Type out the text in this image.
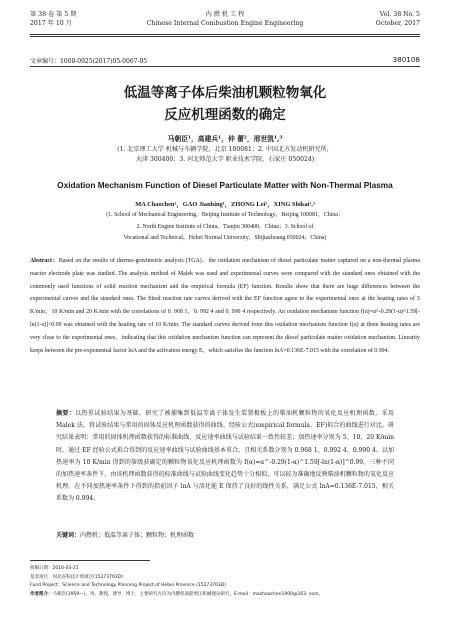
第 38 卷 第 5 期
2017 年 10 月
内 燃 机 工 程
Chinese Internal Combustion Engine Engineering
Vol. 38 No. 5
October, 2017
文章编号：1000-0925(2017)05-0067-05	380108
低温等离子体后柴油机颗粒物氧化
反应机理函数的确定
马朝臣¹，高建兵¹，仲 蕾²，邢世凯¹,³
(1. 北京理工大学 机械与车辆学院，北京 100081；2. 中国北方发动机研究所，
天津 300400；3. 河北师范大学 职业技术学院，石家庄 050024)
Oxidation Mechanism Function of Diesel Particulate Matter with Non-Thermal Plasma
MA Chaochen¹，GAO Jianbing¹，ZHONG Lei²，XING Shikai¹,³
(1. School of Mechanical Engineering，Beijing Institute of Technology，Beijing 100081，China；
2. North Engine Institute of China，Tianjin 300400，China；3. School of
Vocational and Technical，Hebei Normal University，Shijiazhuang 050024，China)
Abstract：Based on the results of thermo-gravimetric analysis (TGA)，the oxidation mechanism of diesel particulate matter captured on a non-thermal plasma reactor electrode plate was studied. The analysis method of Malek was used and experimental curves were compared with the standard ones obtained with the commonly used functions of solid reaction mechanism and the empirical formula (EF) function. Results show that there are huge differences between the experimental curves and the standard ones. The fitted reaction rate curves derived with the EF function agree to the experimental ones at the heating rates of 5 K/min，10 K/min and 20 K/min with the correlations of 0. 968 1，0. 992 4 and 0. 990 4 respectively. An oxidation mechanism function f(α)=α^-0.29(1-α)^1.59[-ln(1-α)]^0.99 was obtained with the heating rate of 10 K/min. The standard curves derived from this oxidation mechanism function f(α) at three heating rates are very close to the experimental ones，indicating that this oxidation mechanism function can represent the diesel particulate matter oxidation mechanism. Linearity keeps between the pre-exponential factor lnA and the activation energy E，which satisfies the function lnA=0.136E-7.015 with the correlation of 0.994.
摘要：以热重试验结果为基础，研究了被捕集到低温等离子体发生装置极板上的柴油机颗粒物的氧化反应机理函数。采用 Malek 法，将试验结果与常用的固体反应机理函数获得的曲线、经验公式(empirical formula，EF)拟合的曲线进行对比。研究结果表明：常用的固体机理函数获得的标准曲线，反应速率曲线与试验结果一致性较差；加热速率分别为 5、10、20 K/min时，通过 EF 经验公式拟合得到的反应速率曲线与试验曲线基本重合，且相关系数分别为 0.968 1、0.992 4、0.990 4。以加热速率为 10 K/min 得到的筝级获确定的颗粒物氧化反应机理函数为 f(α)=α^-0.29(1-α)^1.59[-ln(1-α)]^0.99。三种不同的加热速率条件下，由该机理函数获得的标准曲线与试验曲线变化趋势十分相似，可以较为准确地反映柴油机颗粒物的氧化反应机理。在不同加热速率条件下得到的指前因子 lnA 与活化能 E 保持了良好的线性关系，满足公式 lnA=0.136E-7.015，相关系数为 0.994。
关键词：内燃机；低温等离子体；颗粒物；机理函数
收稿日期：2016-03-21
基金项目：河北省科技计划项目(15273703D)
Fund Project：Science and Technology Planning Project of Hebei Province (15273703D)
作者简介：马朝臣(1959—)，男，教授，博导，博士，主要研究方向为内燃机涡轮增压机械理论研究，E-mail：machaochen1900@163. com。
